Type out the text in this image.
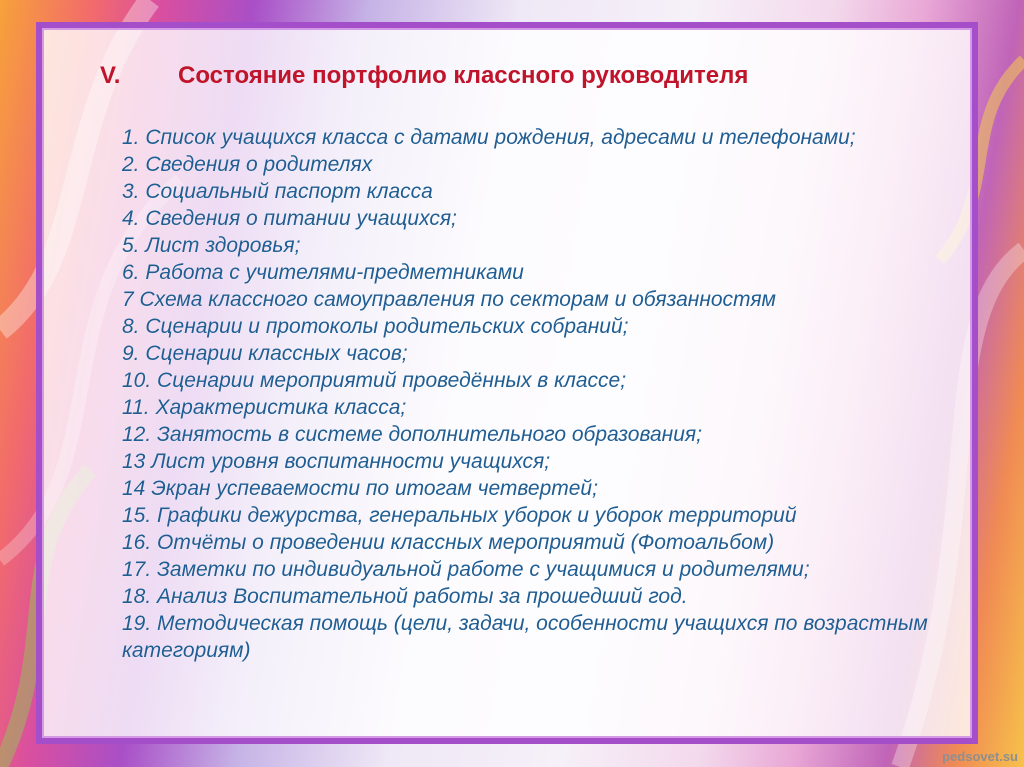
V. Состояние портфолио классного руководителя
1. Список учащихся класса с датами рождения, адресами и телефонами;
2. Сведения о родителях
3. Социальный паспорт класса
4. Сведения о питании учащихся;
5. Лист здоровья;
6. Работа с учителями-предметниками
7 Схема классного самоуправления по секторам и обязанностям
8. Сценарии и протоколы родительских собраний;
9. Сценарии классных часов;
10. Сценарии мероприятий проведённых в классе;
11. Характеристика класса;
12. Занятость в системе дополнительного образования;
13 Лист уровня воспитанности учащихся;
14 Экран успеваемости по итогам четвертей;
15. Графики дежурства, генеральных уборок и уборок территорий
16. Отчёты о проведении классных мероприятий (Фотоальбом)
17. Заметки по индивидуальной работе с учащимися и родителями;
18. Анализ Воспитательной работы за прошедший год.
19. Методическая помощь (цели, задачи, особенности учащихся по возрастным категориям)
pedsovet.su
